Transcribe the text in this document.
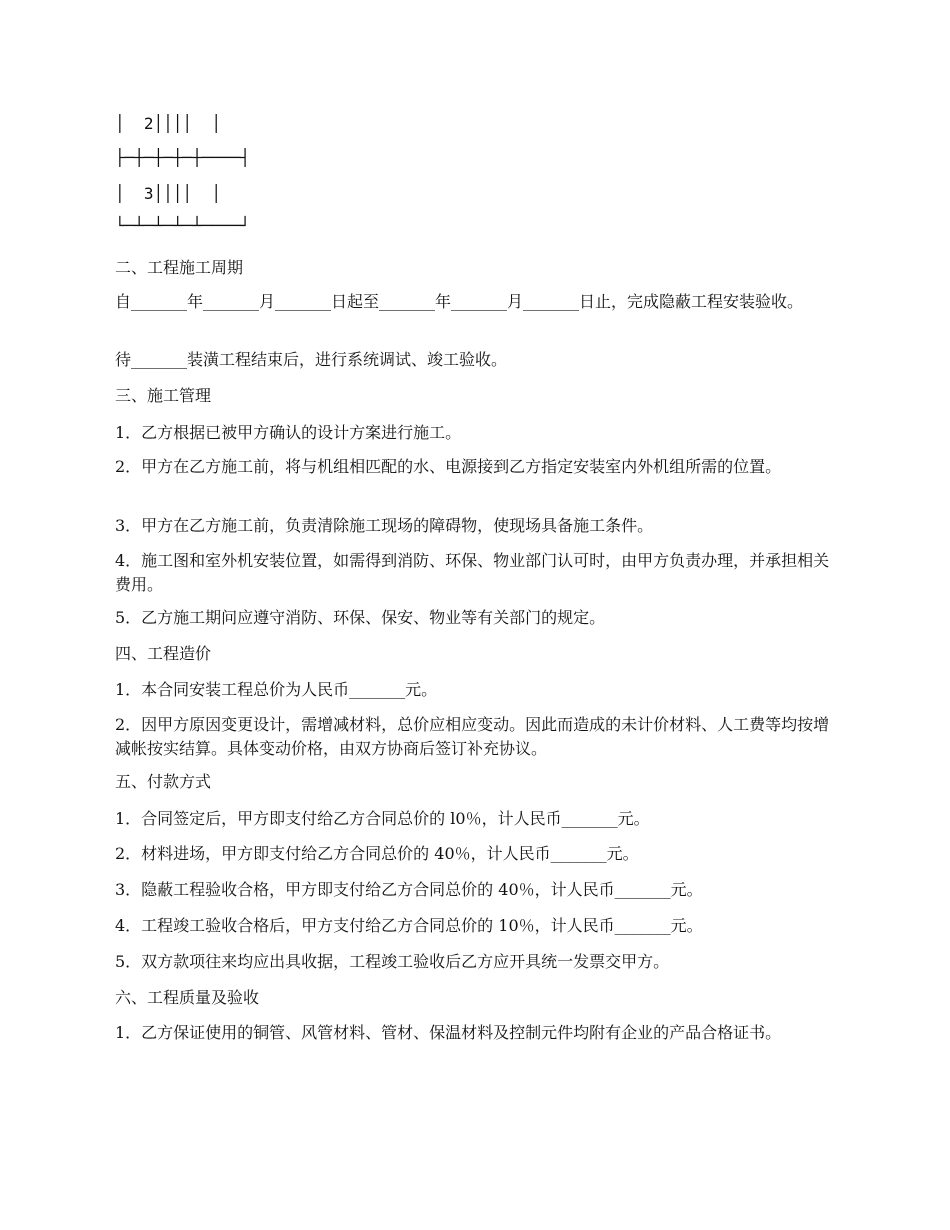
│  2││││  │
├─┼─┼─┼─┼────┤
│  3││││  │
└─┴─┴─┴─┴────┘

二、工程施工周期

自_______年_______月_______日起至_______年_______月_______日止，完成隐蔽工程安装验收。

待_______装潢工程结束后，进行系统调试、竣工验收。

三、施工管理

1．乙方根据已被甲方确认的设计方案进行施工。

2．甲方在乙方施工前，将与机组相匹配的水、电源接到乙方指定安装室内外机组所需的位置。

3．甲方在乙方施工前，负责清除施工现场的障碍物，使现场具备施工条件。

4．施工图和室外机安装位置，如需得到消防、环保、物业部门认可时，由甲方负责办理，并承担相关费用。

5．乙方施工期问应遵守消防、环保、保安、物业等有关部门的规定。

四、工程造价

1．本合同安装工程总价为人民币_______元。

2．因甲方原因变更设计，需增减材料，总价应相应变动。因此而造成的未计价材料、人工费等均按增减帐按实结算。具体变动价格，由双方协商后签订补充协议。

五、付款方式

1．合同签定后，甲方即支付给乙方合同总价的 l0％，计人民币_______元。

2．材料进场，甲方即支付给乙方合同总价的 40％，计人民币_______元。

3．隐蔽工程验收合格，甲方即支付给乙方合同总价的 40％，计人民币_______元。

4．工程竣工验收合格后，甲方支付给乙方合同总价的 10％，计人民币_______元。

5．双方款项往来均应出具收据，工程竣工验收后乙方应开具统一发票交甲方。

六、工程质量及验收

1．乙方保证使用的铜管、风管材料、管材、保温材料及控制元件均附有企业的产品合格证书。
